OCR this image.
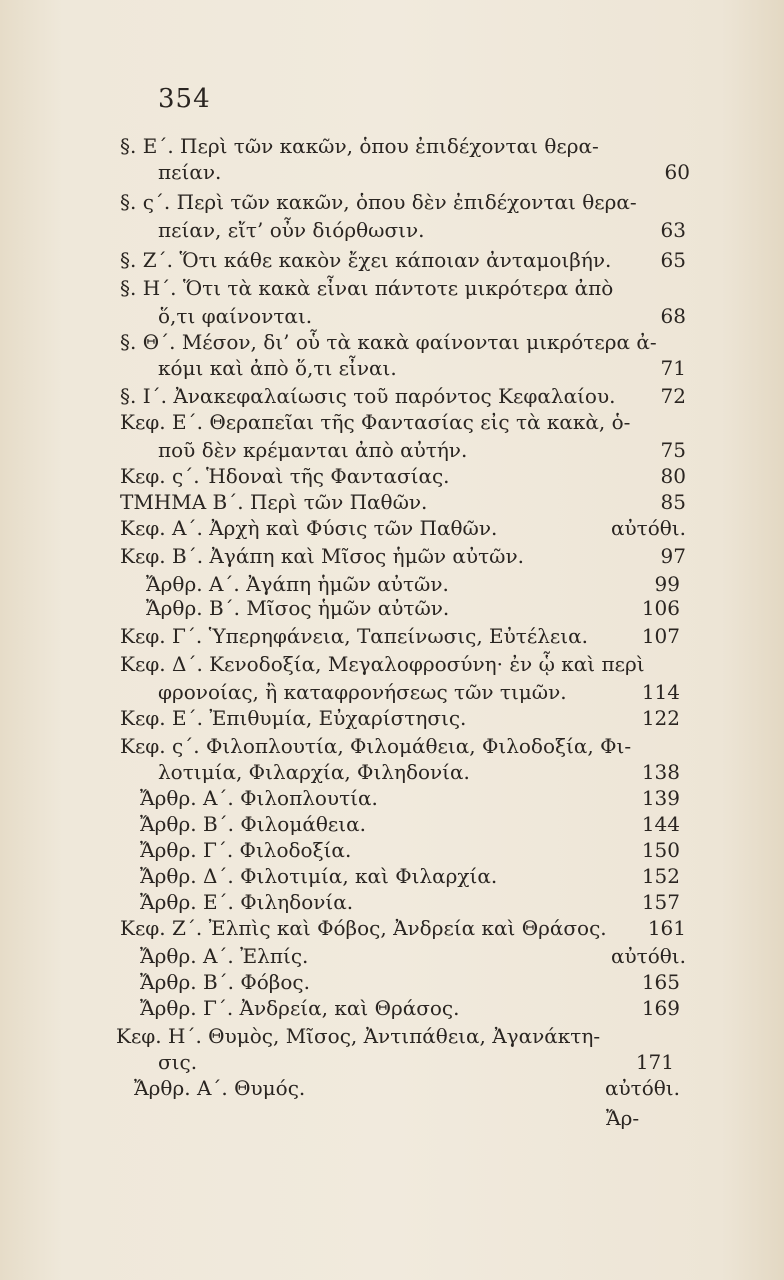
354
§. Ε΄. Περὶ τῶν κακῶν, ὁπου ἐπιδέχονται θερα-
πείαν.	60
§. ς΄. Περὶ τῶν κακῶν, ὁπου δὲν ἐπιδέχονται θερα-
πείαν, εἴτ’ οὖν διόρθωσιν.	63
§. Ζ΄. Ὅτι κάθε κακὸν ἔχει κάποιαν ἀνταμοιβήν. 65
§. Η΄. Ὅτι τὰ κακὰ εἶναι πάντοτε μικρότερα ἀπὸ
ὅ,τι φαίνονται.	68
§. Θ΄. Μέσον, δι’ οὗ τὰ κακὰ φαίνονται μικρότερα ἀ-
κόμι καὶ ἀπὸ ὅ,τι εἶναι.	71
§. Ι΄. Ἀνακεφαλαίωσις τοῦ παρόντος Κεφαλαίου. 72
Κεφ. Ε΄. Θεραπεῖαι τῆς Φαντασίας εἰς τὰ κακὰ, ὁ-
ποῦ δὲν κρέμανται ἀπὸ αὐτήν.	75
Κεφ. ς΄. Ἡδοναὶ τῆς Φαντασίας.	80
ΤΜΗΜΑ Β΄. Περὶ τῶν Παθῶν.	85
Κεφ. Α΄. Ἀρχὴ καὶ Φύσις τῶν Παθῶν.	αὐτόθι.
Κεφ. Β΄. Ἀγάπη καὶ Μῖσος ἡμῶν αὐτῶν.	97
Ἄρθρ. Α΄. Ἀγάπη ἡμῶν αὐτῶν.	99
Ἄρθρ. Β΄. Μῖσος ἡμῶν αὐτῶν.	106
Κεφ. Γ΄. Ὑπερηφάνεια, Ταπείνωσις, Εὐτέλεια.	107
Κεφ. Δ΄. Κενοδοξία, Μεγαλοφροσύνη· ἐν ᾧ καὶ περὶ
φρονοίας, ἢ καταφρονήσεως τῶν τιμῶν.	114
Κεφ. Ε΄. Ἐπιθυμία, Εὐχαρίστησις.	122
Κεφ. ς΄. Φιλοπλουτία, Φιλομάθεια, Φιλοδοξία, Φι-
λοτιμία, Φιλαρχία, Φιληδονία.	138
Ἄρθρ. Α΄. Φιλοπλουτία.	139
Ἄρθρ. Β΄. Φιλομάθεια.	144
Ἄρθρ. Γ΄. Φιλοδοξία.	150
Ἄρθρ. Δ΄. Φιλοτιμία, καὶ Φιλαρχία.	152
Ἄρθρ. Ε΄. Φιληδονία.	157
Κεφ. Ζ΄. Ἐλπὶς καὶ Φόβος, Ἀνδρεία καὶ Θράσος. 161
Ἄρθρ. Α΄. Ἐλπίς.	αὐτόθι.
Ἄρθρ. Β΄. Φόβος.	165
Ἄρθρ. Γ΄. Ἀνδρεία, καὶ Θράσος.	169
Κεφ. Η΄. Θυμὸς, Μῖσος, Ἀντιπάθεια, Ἀγανάκτη-
σις.	171
Ἄρθρ. Α΄. Θυμός.	αὐτόθι.
Ἄρ-
